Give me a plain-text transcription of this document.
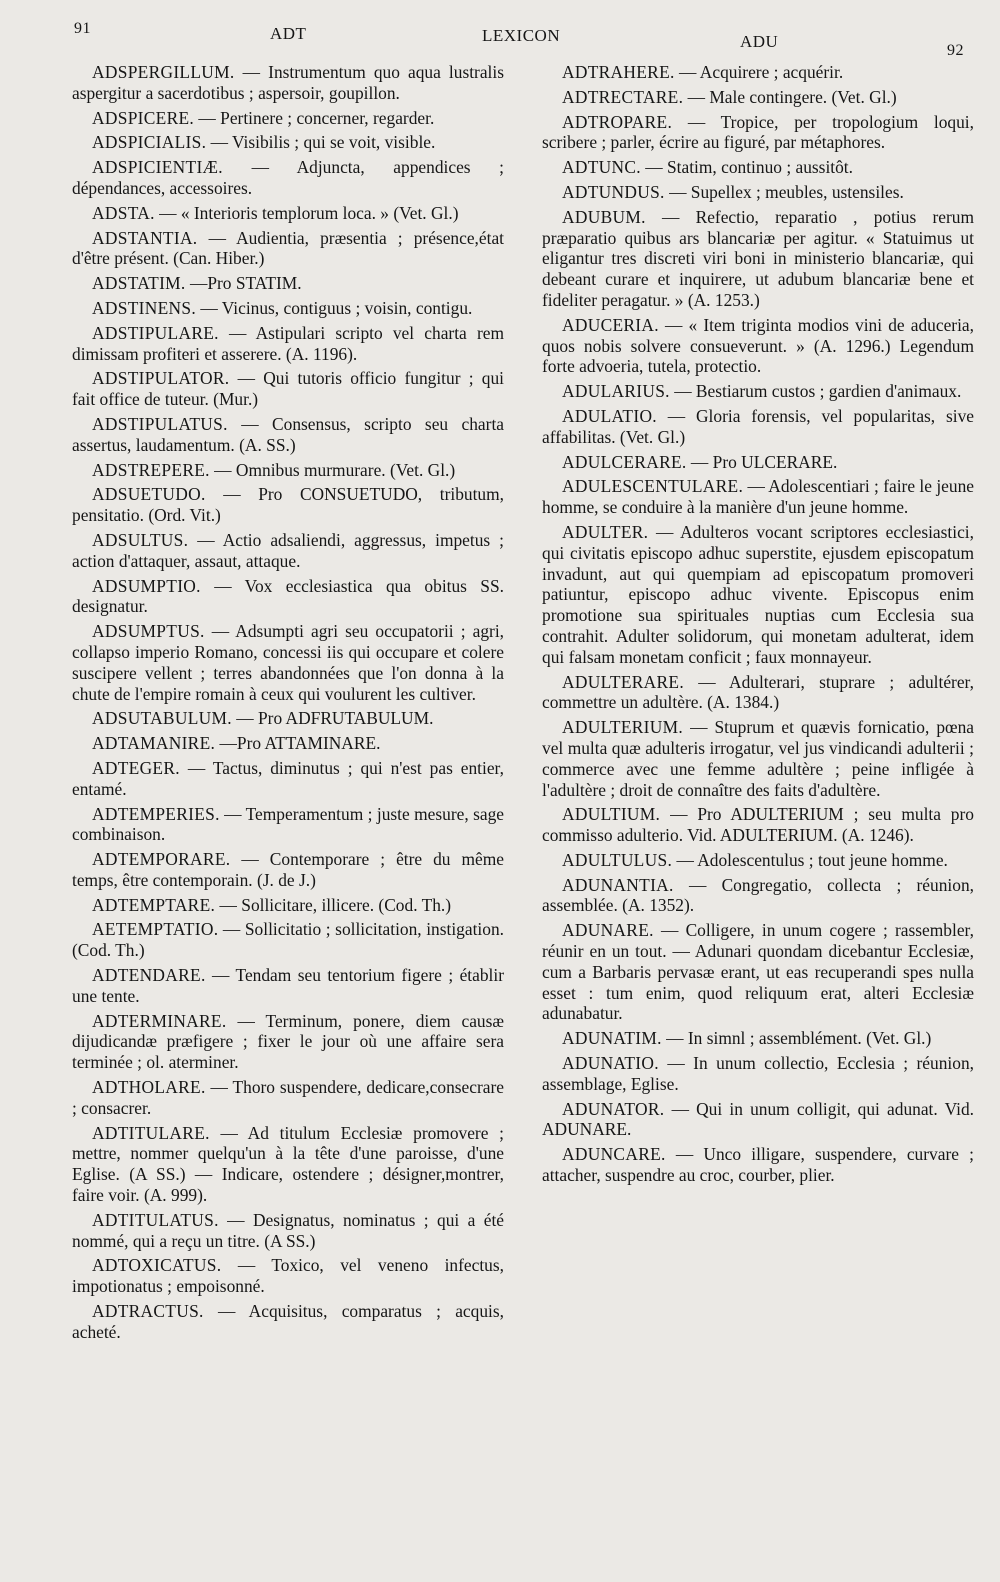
91	ADT	LEXICON	ADU	92

ADSPERGILLUM. — Instrumentum quo aqua lustralis aspergitur a sacerdotibus ; aspersoir, goupillon.

ADSPICERE. — Pertinere ; concerner, regarder.

ADSPICIALIS. — Visibilis ; qui se voit, visible.

ADSPICIENTIÆ. — Adjuncta, appendices ; dépendances, accessoires.

ADSTA. — « Interioris templorum loca. » (Vet. Gl.)

ADSTANTIA. — Audientia, præsentia ; présence,état d'être présent. (Can. Hiber.)

ADSTATIM. —Pro STATIM.

ADSTINENS. — Vicinus, contiguus ; voisin, contigu.

ADSTIPULARE. — Astipulari scripto vel charta rem dimissam profiteri et asserere. (A. 1196).

ADSTIPULATOR. — Qui tutoris officio fungitur ; qui fait office de tuteur. (Mur.)

ADSTIPULATUS. — Consensus, scripto seu charta assertus, laudamentum. (A. SS.)

ADSTREPERE. — Omnibus murmurare. (Vet. Gl.)

ADSUETUDO. — Pro CONSUETUDO, tributum, pensitatio. (Ord. Vit.)

ADSULTUS. — Actio adsaliendi, aggressus, impetus ; action d'attaquer, assaut, attaque.

ADSUMPTIO. — Vox ecclesiastica qua obitus SS. designatur.

ADSUMPTUS. — Adsumpti agri seu occupatorii ; agri, collapso imperio Romano, concessi iis qui occupare et colere suscipere vellent ; terres abandonnées que l'on donna à la chute de l'empire romain à ceux qui voulurent les cultiver.

ADSUTABULUM. — Pro ADFRUTABULUM.

ADTAMANIRE. —Pro ATTAMINARE.

ADTEGER. — Tactus, diminutus ; qui n'est pas entier, entamé.

ADTEMPERIES. — Temperamentum ; juste mesure, sage combinaison.

ADTEMPORARE. — Contemporare ; être du même temps, être contemporain. (J. de J.)

ADTEMPTARE. — Sollicitare, illicere. (Cod. Th.)

AETEMPTATIO. — Sollicitatio ; sollicitation, instigation. (Cod. Th.)

ADTENDARE. — Tendam seu tentorium figere ; établir une tente.

ADTERMINARE. — Terminum, ponere, diem causæ dijudicandæ præfigere ; fixer le jour où une affaire sera terminée ; ol. aterminer.

ADTHOLARE. — Thoro suspendere, dedicare,consecrare ; consacrer.

ADTITULARE. — Ad titulum Ecclesiæ promovere ; mettre, nommer quelqu'un à la tête d'une paroisse, d'une Eglise. (A SS.) — Indicare, ostendere ; désigner,montrer, faire voir. (A. 999).

ADTITULATUS. — Designatus, nominatus ; qui a été nommé, qui a reçu un titre. (A SS.)

ADTOXICATUS. — Toxico, vel veneno infectus, impotionatus ; empoisonné.

ADTRACTUS. — Acquisitus, comparatus ; acquis, acheté.

ADTRAHERE. — Acquirere ; acquérir.

ADTRECTARE. — Male contingere. (Vet. Gl.)

ADTROPARE. — Tropice, per tropologium loqui, scribere ; parler, écrire au figuré, par métaphores.

ADTUNC. — Statim, continuo ; aussitôt.

ADTUNDUS. — Supellex ; meubles, ustensiles.

ADUBUM. — Refectio, reparatio , potius rerum præparatio quibus ars blancariæ per agitur. « Statuimus ut eligantur tres discreti viri boni in ministerio blancariæ, qui debeant curare et inquirere, ut adubum blancariæ bene et fideliter peragatur. » (A. 1253.)

ADUCERIA. — « Item triginta modios vini de aduceria, quos nobis solvere consueverunt. » (A. 1296.) Legendum forte advoeria, tutela, protectio.

ADULARIUS. — Bestiarum custos ; gardien d'animaux.

ADULATIO. — Gloria forensis, vel popularitas, sive affabilitas. (Vet. Gl.)

ADULCERARE. — Pro ULCERARE.

ADULESCENTULARE. — Adolescentiari ; faire le jeune homme, se conduire à la manière d'un jeune homme.

ADULTER. — Adulteros vocant scriptores ecclesiastici, qui civitatis episcopo adhuc superstite, ejusdem episcopatum invadunt, aut qui quempiam ad episcopatum promoveri patiuntur, episcopo adhuc vivente. Episcopus enim promotione sua spirituales nuptias cum Ecclesia sua contrahit. Adulter solidorum, qui monetam adulterat, idem qui falsam monetam conficit ; faux monnayeur.

ADULTERARE. — Adulterari, stuprare ; adultérer, commettre un adultère. (A. 1384.)

ADULTERIUM. — Stuprum et quævis fornicatio, pœna vel multa quæ adulteris irrogatur, vel jus vindicandi adulterii ; commerce avec une femme adultère ; peine infligée à l'adultère ; droit de connaître des faits d'adultère.

ADULTIUM. — Pro ADULTERIUM ; seu multa pro commisso adulterio. Vid. ADULTERIUM. (A. 1246).

ADULTULUS. — Adolescentulus ; tout jeune homme.

ADUNANTIA. — Congregatio, collecta ; réunion, assemblée. (A. 1352).

ADUNARE. — Colligere, in unum cogere ; rassembler, réunir en un tout. — Adunari quondam dicebantur Ecclesiæ, cum a Barbaris pervasæ erant, ut eas recuperandi spes nulla esset : tum enim, quod reliquum erat, alteri Ecclesiæ adunabatur.

ADUNATIM. — In simnl ; assemblément. (Vet. Gl.)

ADUNATIO. — In unum collectio, Ecclesia ; réunion, assemblage, Eglise.

ADUNATOR. — Qui in unum colligit, qui adunat. Vid. ADUNARE.

ADUNCARE. — Unco illigare, suspendere, curvare ; attacher, suspendre au croc, courber, plier.
